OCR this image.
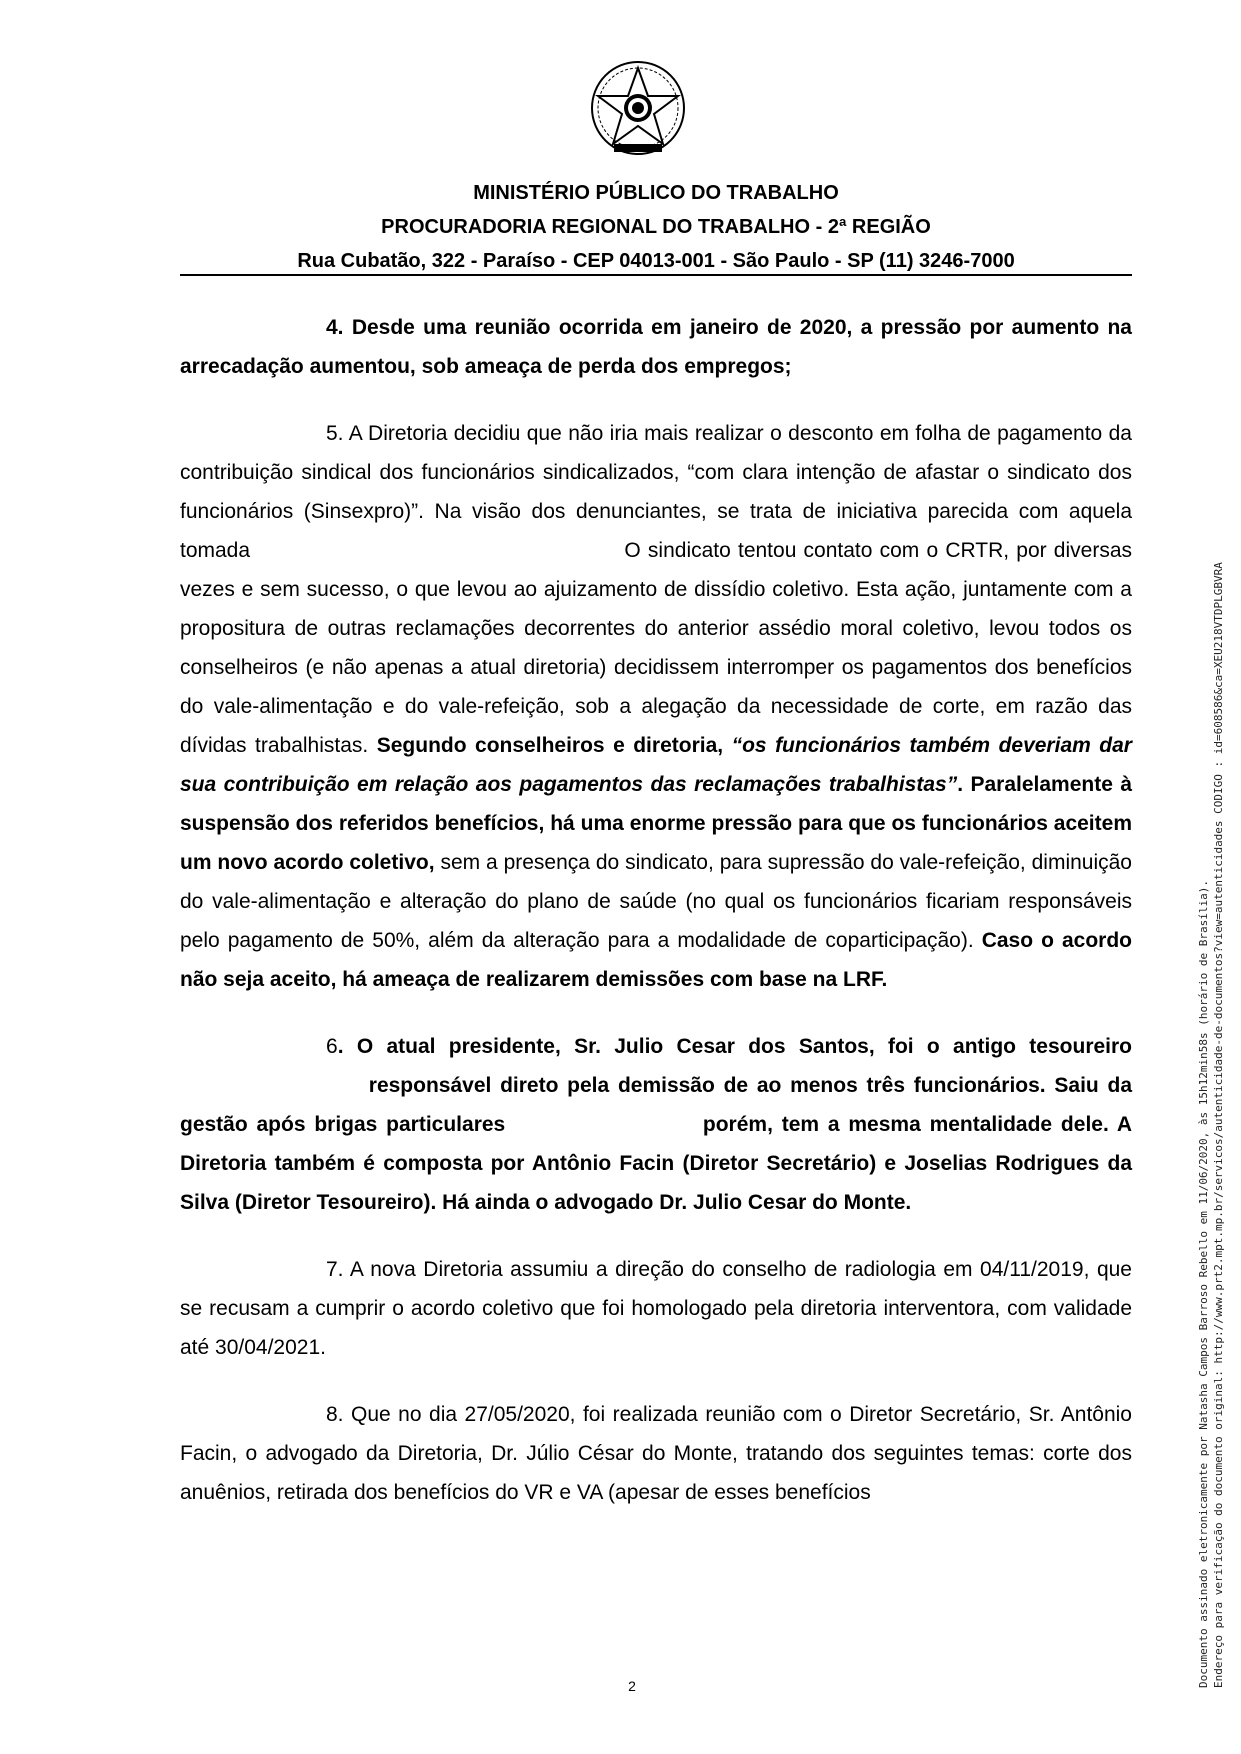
MINISTÉRIO PÚBLICO DO TRABALHO
PROCURADORIA REGIONAL DO TRABALHO - 2ª REGIÃO
Rua Cubatão, 322 - Paraíso - CEP 04013-001 - São Paulo - SP (11) 3246-7000

4. Desde uma reunião ocorrida em janeiro de 2020, a pressão por aumento na arrecadação aumentou, sob ameaça de perda dos empregos;

5. A Diretoria decidiu que não iria mais realizar o desconto em folha de pagamento da contribuição sindical dos funcionários sindicalizados, “com clara intenção de afastar o sindicato dos funcionários (Sinsexpro)”. Na visão dos denunciantes, se trata de iniciativa parecida com aquela tomada	O sindicato tentou contato com o CRTR, por diversas vezes e sem sucesso, o que levou ao ajuizamento de dissídio coletivo. Esta ação, juntamente com a propositura de outras reclamações decorrentes do anterior assédio moral coletivo, levou todos os conselheiros (e não apenas a atual diretoria) decidissem interromper os pagamentos dos benefícios do vale-alimentação e do vale-refeição, sob a alegação da necessidade de corte, em razão das dívidas trabalhistas. Segundo conselheiros e diretoria, “os funcionários também deveriam dar sua contribuição em relação aos pagamentos das reclamações trabalhistas”. Paralelamente à suspensão dos referidos benefícios, há uma enorme pressão para que os funcionários aceitem um novo acordo coletivo, sem a presença do sindicato, para supressão do vale-refeição, diminuição do vale-alimentação e alteração do plano de saúde (no qual os funcionários ficariam responsáveis pelo pagamento de 50%, além da alteração para a modalidade de coparticipação). Caso o acordo não seja aceito, há ameaça de realizarem demissões com base na LRF.

6. O atual presidente, Sr. Julio Cesar dos Santos, foi o antigo tesoureiro  responsável direto pela demissão de ao menos três funcionários. Saiu da gestão após brigas particulares	porém, tem a mesma mentalidade dele. A Diretoria também é composta por Antônio Facin (Diretor Secretário) e Joselias Rodrigues da Silva (Diretor Tesoureiro). Há ainda o advogado Dr. Julio Cesar do Monte.

7. A nova Diretoria assumiu a direção do conselho de radiologia em 04/11/2019, que se recusam a cumprir o acordo coletivo que foi homologado pela diretoria interventora, com validade até 30/04/2021.

8. Que no dia 27/05/2020, foi realizada reunião com o Diretor Secretário, Sr. Antônio Facin, o advogado da Diretoria, Dr. Júlio César do Monte, tratando dos seguintes temas: corte dos anuênios, retirada dos benefícios do VR e VA (apesar de esses benefícios

2	Documento assinado eletronicamente por Natasha Campos Barroso Rebello em 11/06/2020, às 15h12min58s (horário de Brasília). Endereço para verificação do documento original: http://www.prt2.mpt.mp.br/servicos/autenticidade-de-documentos?view=autenticidades CODIGO : id=608586&ca=XEU218VTDPLGBVRA
